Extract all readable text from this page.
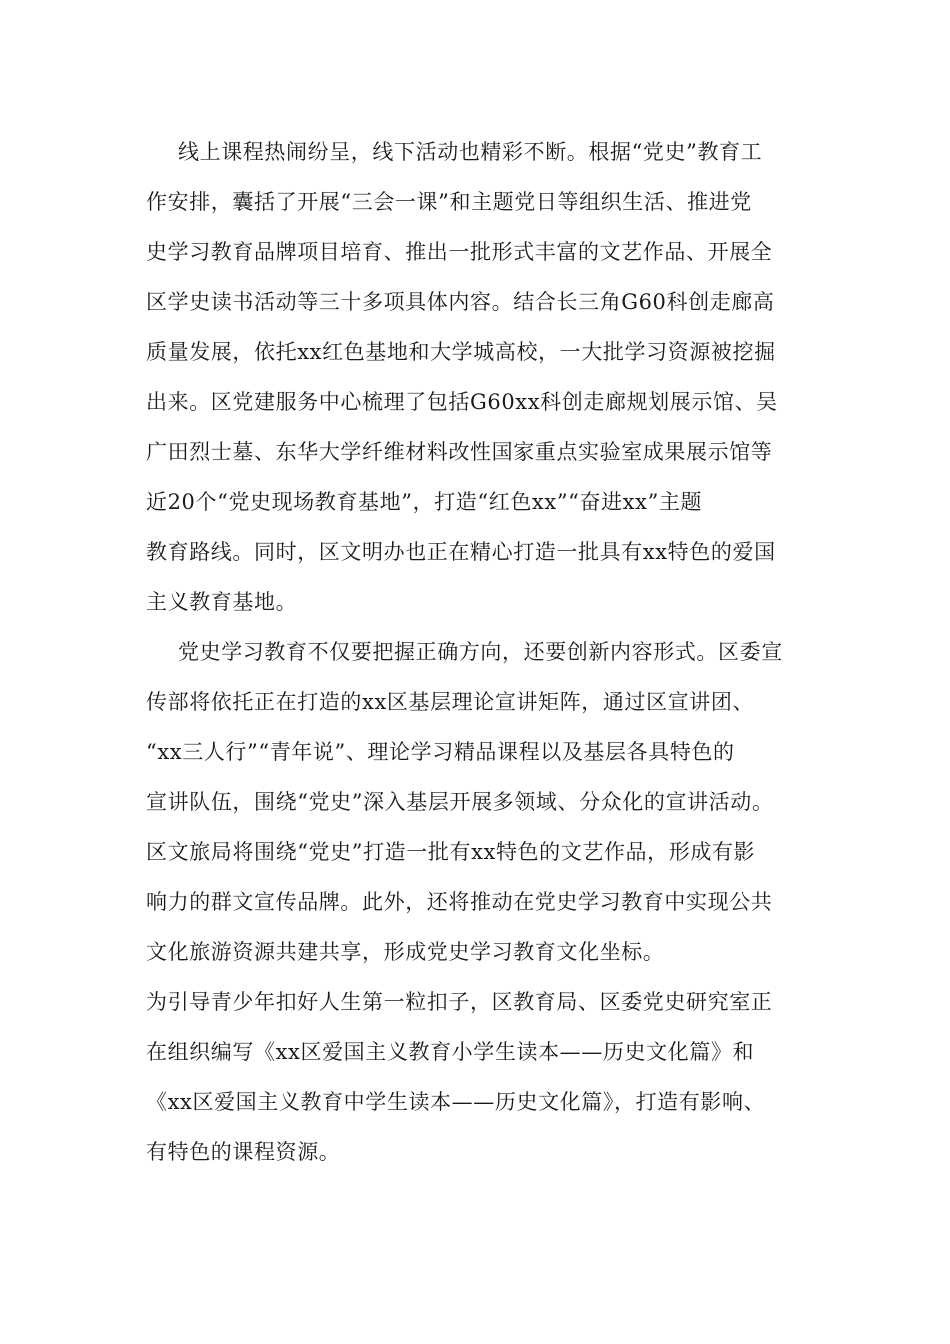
线上课程热闹纷呈，线下活动也精彩不断。根据“党史”教育工
作安排，囊括了开展“三会一课”和主题党日等组织生活、推进党
史学习教育品牌项目培育、推出一批形式丰富的文艺作品、开展全
区学史读书活动等三十多项具体内容。结合长三角G60科创走廊高
质量发展，依托xx红色基地和大学城高校，一大批学习资源被挖掘
出来。区党建服务中心梳理了包括G60xx科创走廊规划展示馆、吴
广田烈士墓、东华大学纤维材料改性国家重点实验室成果展示馆等
近20个“党史现场教育基地”，打造“红色xx”“奋进xx”主题
教育路线。同时，区文明办也正在精心打造一批具有xx特色的爱国
主义教育基地。
党史学习教育不仅要把握正确方向，还要创新内容形式。区委宣
传部将依托正在打造的xx区基层理论宣讲矩阵，通过区宣讲团、
“xx三人行”“青年说”、理论学习精品课程以及基层各具特色的
宣讲队伍，围绕“党史”深入基层开展多领域、分众化的宣讲活动。
区文旅局将围绕“党史”打造一批有xx特色的文艺作品，形成有影
响力的群文宣传品牌。此外，还将推动在党史学习教育中实现公共
文化旅游资源共建共享，形成党史学习教育文化坐标。
为引导青少年扣好人生第一粒扣子，区教育局、区委党史研究室正
在组织编写《xx区爱国主义教育小学生读本——历史文化篇》和
《xx区爱国主义教育中学生读本——历史文化篇》，打造有影响、
有特色的课程资源。
